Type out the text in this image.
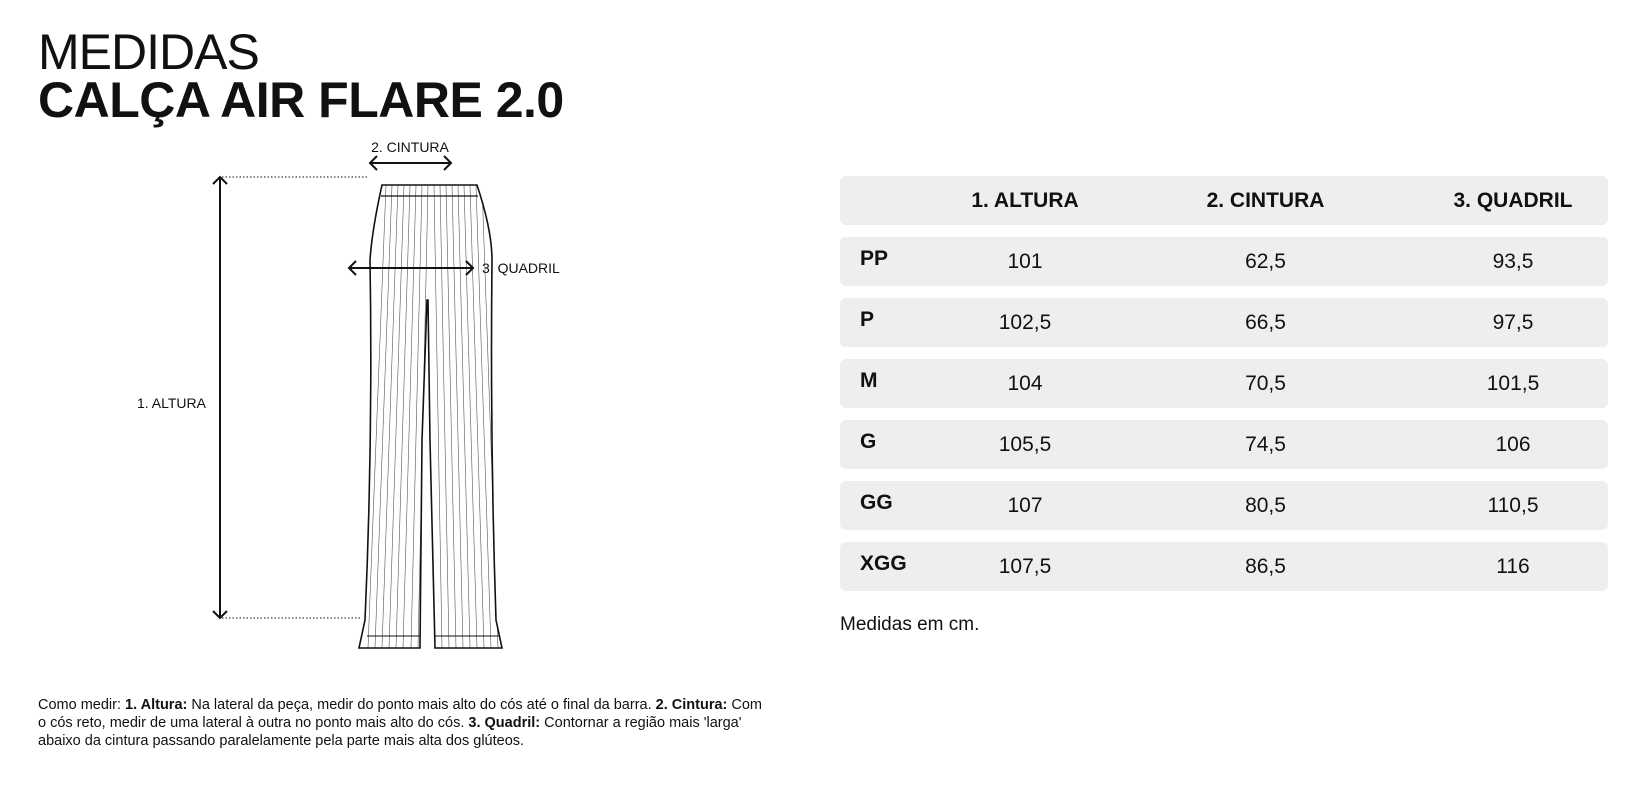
MEDIDAS
CALÇA AIR FLARE 2.0
2. CINTURA
3. QUADRIL
1. ALTURA
Como medir: 1. Altura: Na lateral da peça, medir do ponto mais alto do cós até o final da barra. 2. Cintura: Com o cós reto, medir de uma lateral à outra no ponto mais alto do cós. 3. Quadril: Contornar a região mais 'larga' abaixo da cintura passando paralelamente pela parte mais alta dos glúteos.
1. ALTURA	2. CINTURA	3. QUADRIL
PP	101	62,5	93,5
P	102,5	66,5	97,5
M	104	70,5	101,5
G	105,5	74,5	106
GG	107	80,5	110,5
XGG	107,5	86,5	116
Medidas em cm.
